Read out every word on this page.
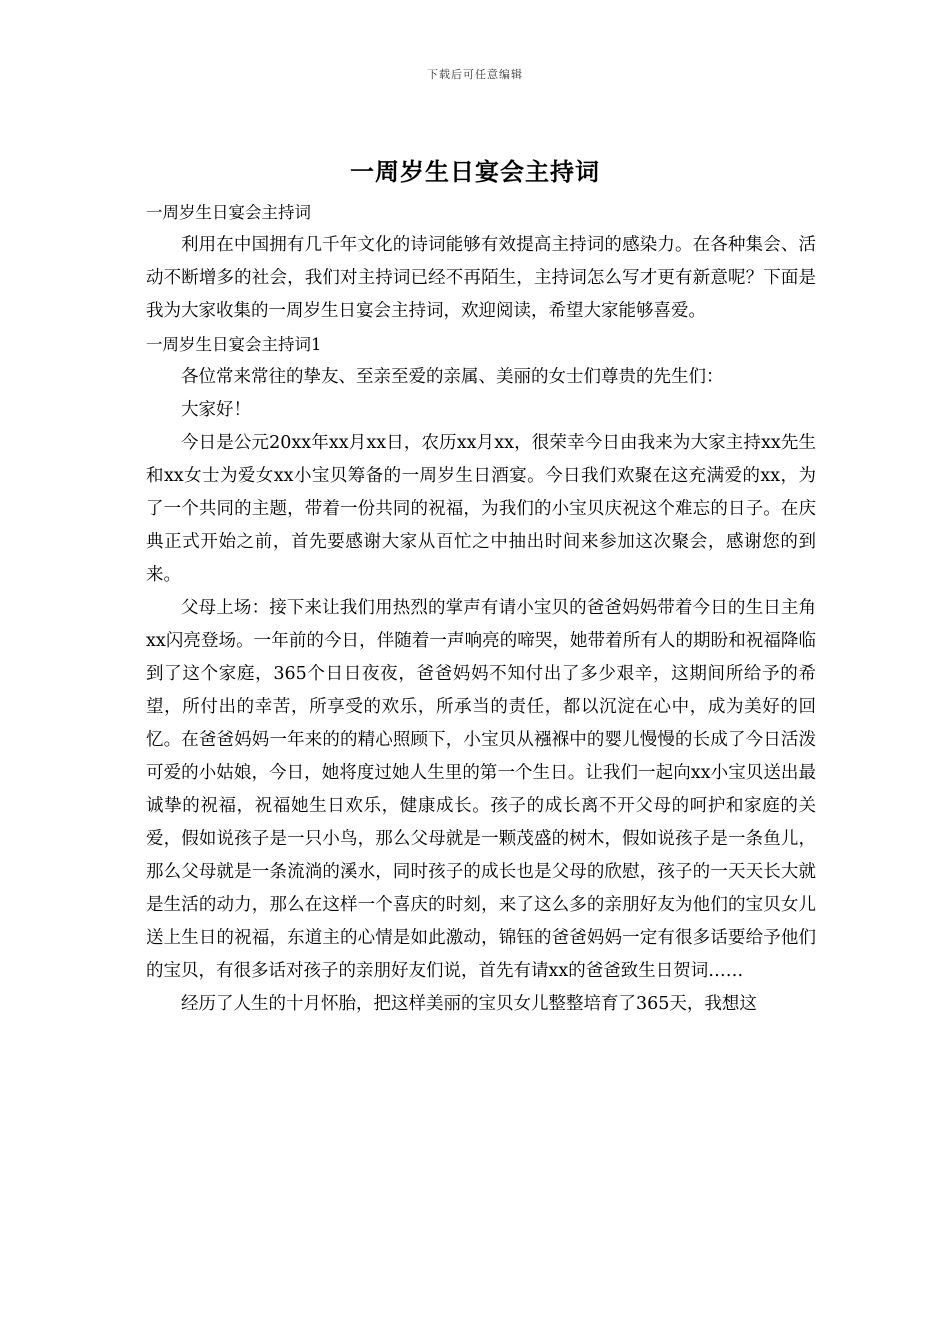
下载后可任意编辑
一周岁生日宴会主持词

一周岁生日宴会主持词

利用在中国拥有几千年文化的诗词能够有效提高主持词的感染力。在各种集会、活动不断增多的社会，我们对主持词已经不再陌生，主持词怎么写才更有新意呢？下面是我为大家收集的一周岁生日宴会主持词，欢迎阅读，希望大家能够喜爱。

一周岁生日宴会主持词1

各位常来常往的挚友、至亲至爱的亲属、美丽的女士们尊贵的先生们：

大家好！

今日是公元20xx年xx月xx日，农历xx月xx，很荣幸今日由我来为大家主持xx先生和xx女士为爱女xx小宝贝筹备的一周岁生日酒宴。今日我们欢聚在这充满爱的xx，为了一个共同的主题，带着一份共同的祝福，为我们的小宝贝庆祝这个难忘的日子。在庆典正式开始之前，首先要感谢大家从百忙之中抽出时间来参加这次聚会，感谢您的到来。

父母上场：接下来让我们用热烈的掌声有请小宝贝的爸爸妈妈带着今日的生日主角xx闪亮登场。一年前的今日，伴随着一声响亮的啼哭，她带着所有人的期盼和祝福降临到了这个家庭，365个日日夜夜，爸爸妈妈不知付出了多少艰辛，这期间所给予的希望，所付出的幸苦，所享受的欢乐，所承当的责任，都以沉淀在心中，成为美好的回忆。在爸爸妈妈一年来的的精心照顾下，小宝贝从襁褓中的婴儿慢慢的长成了今日活泼可爱的小姑娘，今日，她将度过她人生里的第一个生日。让我们一起向xx小宝贝送出最诚挚的祝福，祝福她生日欢乐，健康成长。孩子的成长离不开父母的呵护和家庭的关爱，假如说孩子是一只小鸟，那么父母就是一颗茂盛的树木，假如说孩子是一条鱼儿，那么父母就是一条流淌的溪水，同时孩子的成长也是父母的欣慰，孩子的一天天长大就是生活的动力，那么在这样一个喜庆的时刻，来了这么多的亲朋好友为他们的宝贝女儿送上生日的祝福，东道主的心情是如此激动，锦钰的爸爸妈妈一定有很多话要给予他们的宝贝，有很多话对孩子的亲朋好友们说，首先有请xx的爸爸致生日贺词……

经历了人生的十月怀胎，把这样美丽的宝贝女儿整整培育了365天，我想这
